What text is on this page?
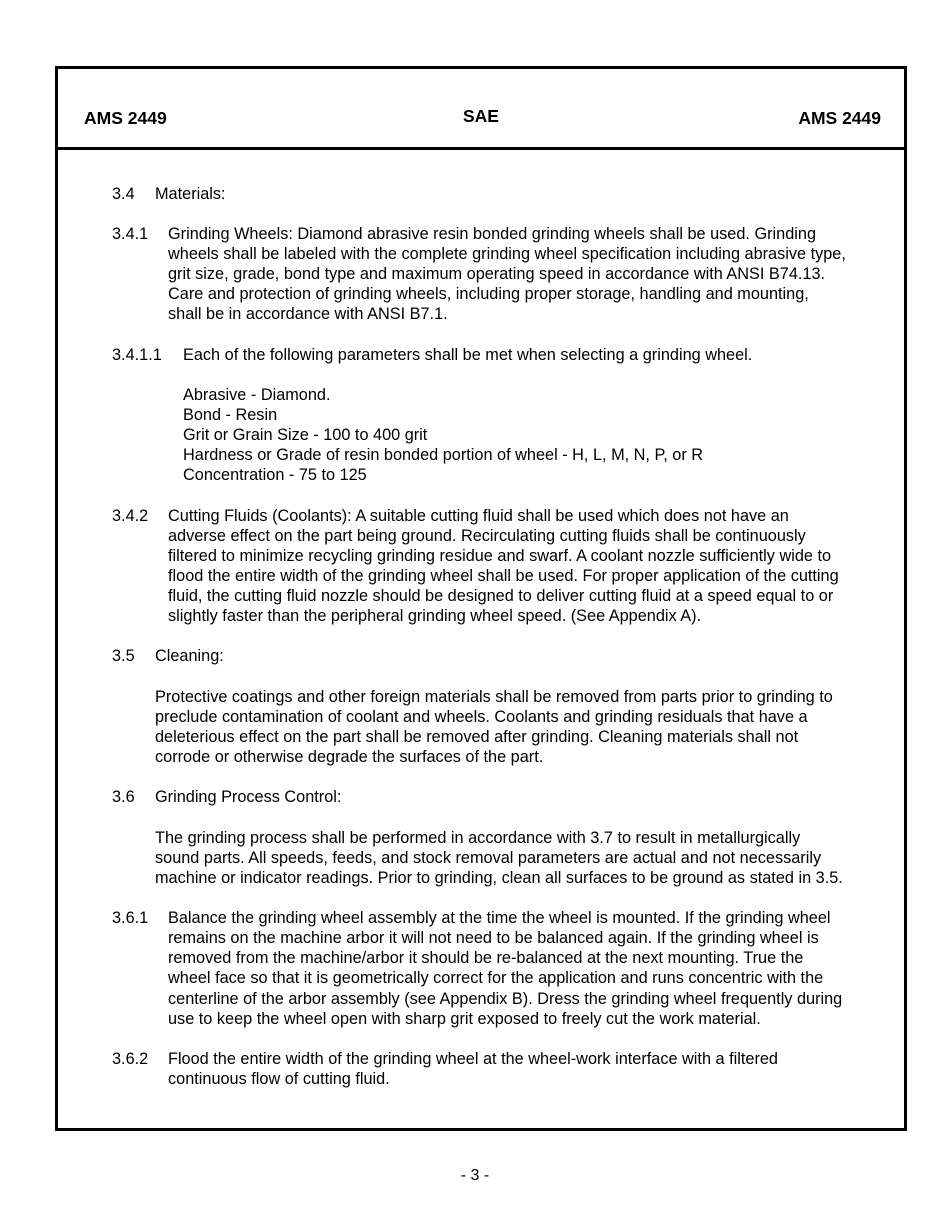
AMS 2449	SAE	AMS 2449
3.4 Materials:
3.4.1 Grinding Wheels: Diamond abrasive resin bonded grinding wheels shall be used. Grinding
wheels shall be labeled with the complete grinding wheel specification including abrasive type,
grit size, grade, bond type and maximum operating speed in accordance with ANSI B74.13.
Care and protection of grinding wheels, including proper storage, handling and mounting,
shall be in accordance with ANSI B7.1.
3.4.1.1 Each of the following parameters shall be met when selecting a grinding wheel.
Abrasive - Diamond.
Bond - Resin
Grit or Grain Size - 100 to 400 grit
Hardness or Grade of resin bonded portion of wheel - H, L, M, N, P, or R
Concentration - 75 to 125
3.4.2 Cutting Fluids (Coolants): A suitable cutting fluid shall be used which does not have an
adverse effect on the part being ground. Recirculating cutting fluids shall be continuously
filtered to minimize recycling grinding residue and swarf. A coolant nozzle sufficiently wide to
flood the entire width of the grinding wheel shall be used. For proper application of the cutting
fluid, the cutting fluid nozzle should be designed to deliver cutting fluid at a speed equal to or
slightly faster than the peripheral grinding wheel speed. (See Appendix A).
3.5 Cleaning:
Protective coatings and other foreign materials shall be removed from parts prior to grinding to
preclude contamination of coolant and wheels. Coolants and grinding residuals that have a
deleterious effect on the part shall be removed after grinding. Cleaning materials shall not
corrode or otherwise degrade the surfaces of the part.
3.6 Grinding Process Control:
The grinding process shall be performed in accordance with 3.7 to result in metallurgically
sound parts. All speeds, feeds, and stock removal parameters are actual and not necessarily
machine or indicator readings. Prior to grinding, clean all surfaces to be ground as stated in 3.5.
3.6.1 Balance the grinding wheel assembly at the time the wheel is mounted. If the grinding wheel
remains on the machine arbor it will not need to be balanced again. If the grinding wheel is
removed from the machine/arbor it should be re-balanced at the next mounting. True the
wheel face so that it is geometrically correct for the application and runs concentric with the
centerline of the arbor assembly (see Appendix B). Dress the grinding wheel frequently during
use to keep the wheel open with sharp grit exposed to freely cut the work material.
3.6.2 Flood the entire width of the grinding wheel at the wheel-work interface with a filtered
continuous flow of cutting fluid.
- 3 -
